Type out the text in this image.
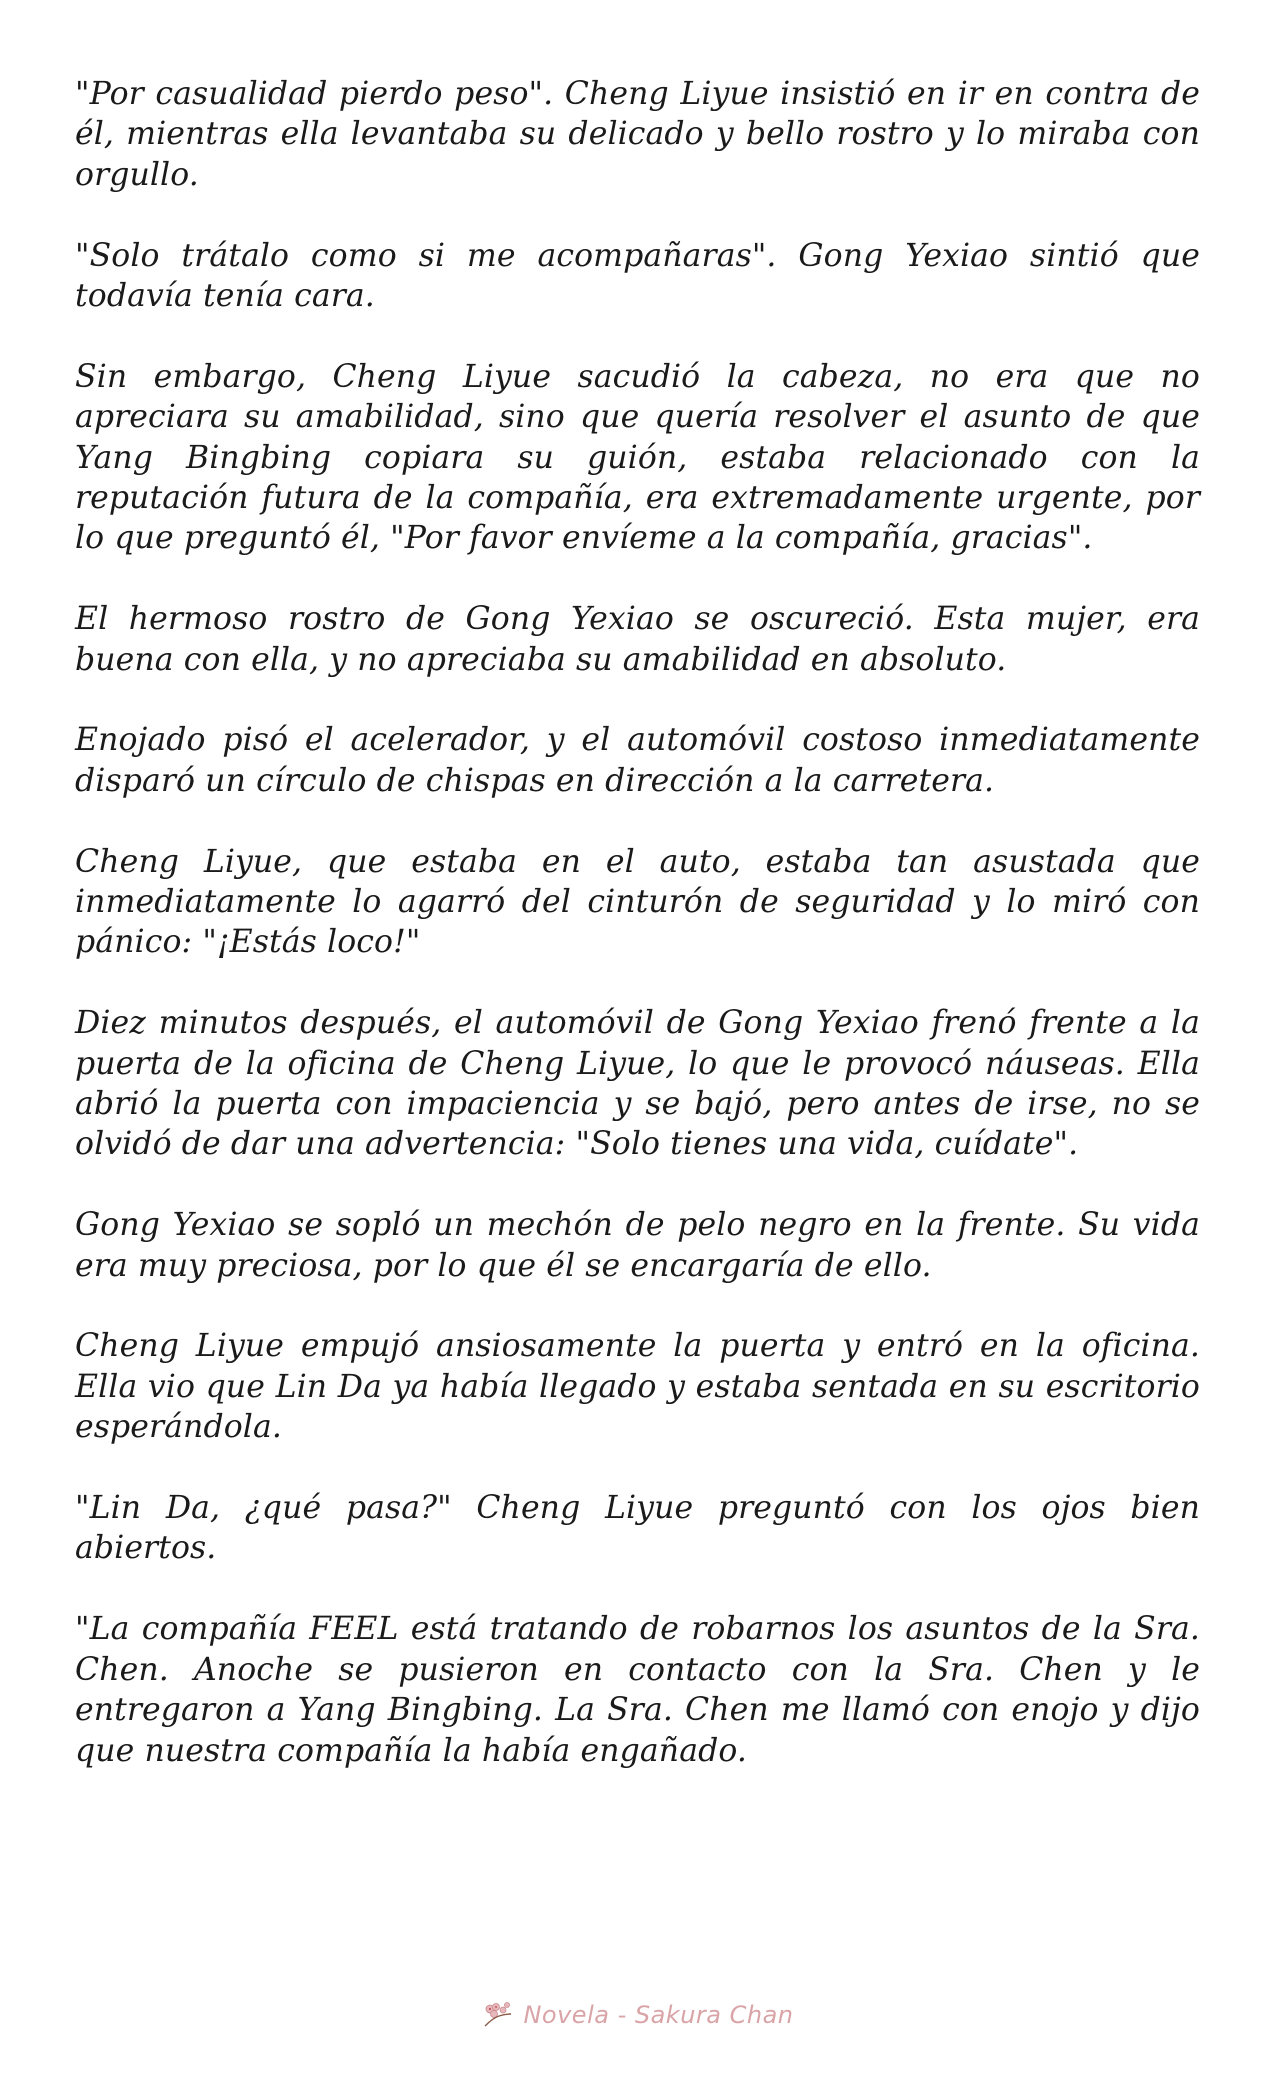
"Por casualidad pierdo peso". Cheng Liyue insistió en ir en contra de él, mientras ella levantaba su delicado y bello rostro y lo miraba con orgullo.

"Solo trátalo como si me acompañaras". Gong Yexiao sintió que todavía tenía cara.

Sin embargo, Cheng Liyue sacudió la cabeza, no era que no apreciara su amabilidad, sino que quería resolver el asunto de que Yang Bingbing copiara su guión, estaba relacionado con la reputación futura de la compañía, era extremadamente urgente, por lo que preguntó él, "Por favor envíeme a la compañía, gracias".

El hermoso rostro de Gong Yexiao se oscureció. Esta mujer, era buena con ella, y no apreciaba su amabilidad en absoluto.

Enojado pisó el acelerador, y el automóvil costoso inmediatamente disparó un círculo de chispas en dirección a la carretera.

Cheng Liyue, que estaba en el auto, estaba tan asustada que inmediatamente lo agarró del cinturón de seguridad y lo miró con pánico: "¡Estás loco!"

Diez minutos después, el automóvil de Gong Yexiao frenó frente a la puerta de la oficina de Cheng Liyue, lo que le provocó náuseas. Ella abrió la puerta con impaciencia y se bajó, pero antes de irse, no se olvidó de dar una advertencia: "Solo tienes una vida, cuídate".

Gong Yexiao se sopló un mechón de pelo negro en la frente. Su vida era muy preciosa, por lo que él se encargaría de ello.

Cheng Liyue empujó ansiosamente la puerta y entró en la oficina. Ella vio que Lin Da ya había llegado y estaba sentada en su escritorio esperándola.

"Lin Da, ¿qué pasa?" Cheng Liyue preguntó con los ojos bien abiertos.

"La compañía FEEL está tratando de robarnos los asuntos de la Sra. Chen. Anoche se pusieron en contacto con la Sra. Chen y le entregaron a Yang Bingbing. La Sra. Chen me llamó con enojo y dijo que nuestra compañía la había engañado.

Novela - Sakura Chan
